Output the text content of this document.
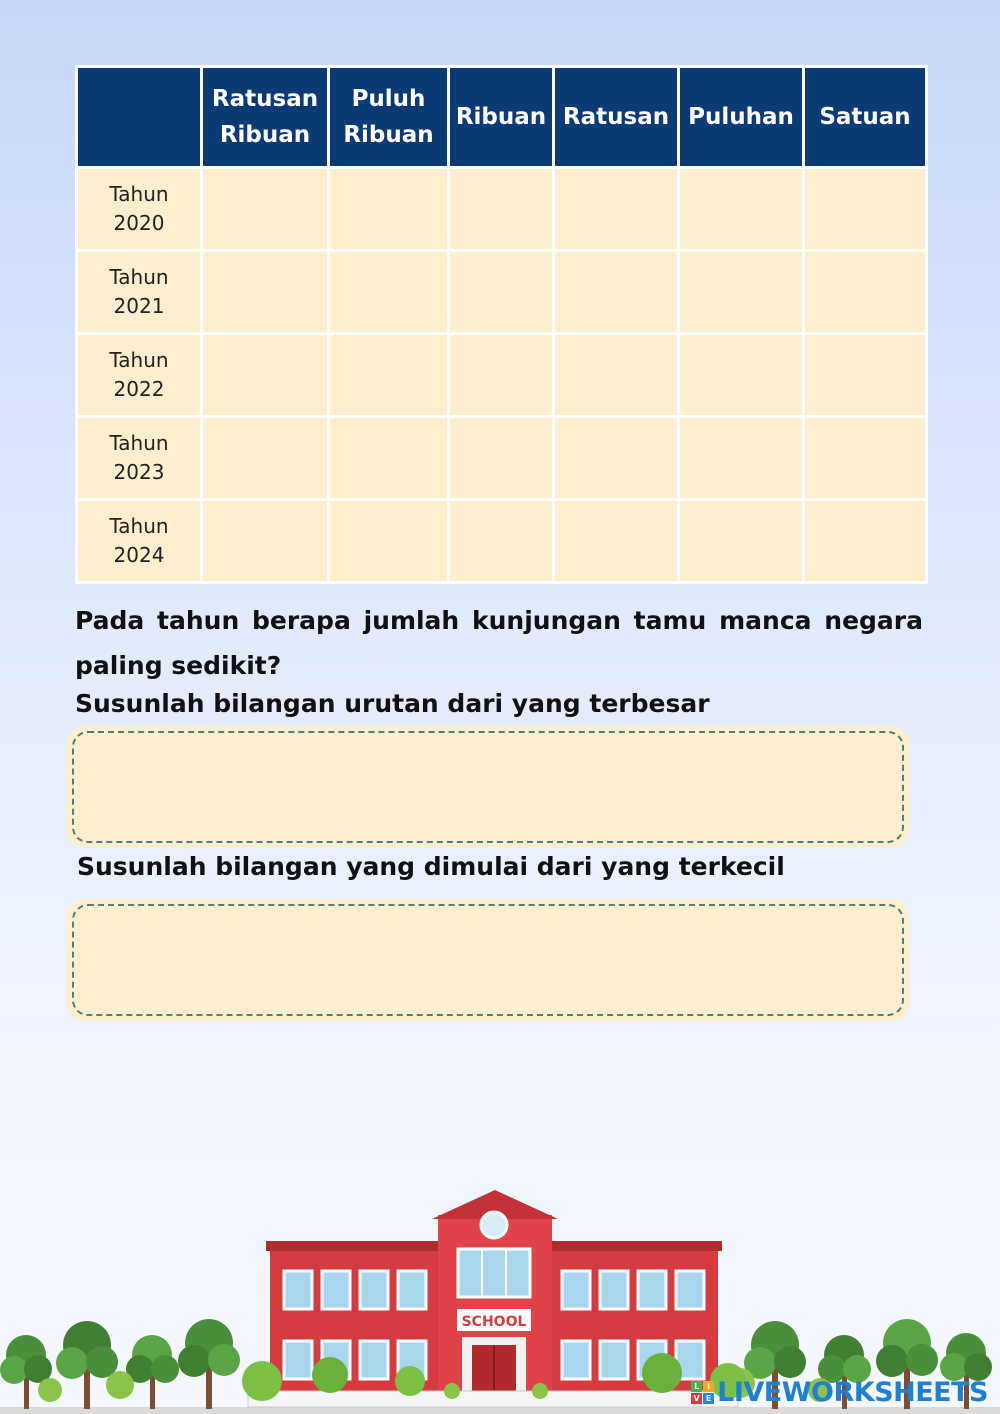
	Ratusan Ribuan	Puluh Ribuan	Ribuan	Ratusan	Puluhan	Satuan
Tahun 2020						
Tahun 2021						
Tahun 2022						
Tahun 2023						
Tahun 2024						
Pada tahun berapa jumlah kunjungan tamu manca negara paling sedikit?
Susunlah bilangan urutan dari yang terbesar
Susunlah bilangan yang dimulai dari yang terkecil
SCHOOL
L I
V E LIVEWORKSHEETS
